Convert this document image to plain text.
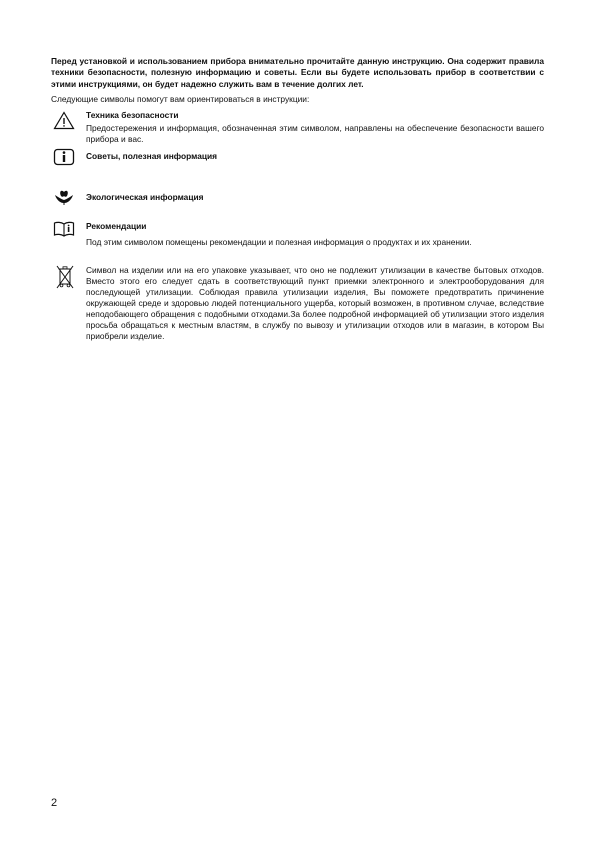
Перед установкой и использованием прибора внимательно прочитайте данную инструкцию. Она содержит правила техники безопасности, полезную информацию и советы. Если вы будете использовать прибор в соответствии с этими инструкциями, он будет надежно служить вам в течение долгих лет.
Следующие символы помогут вам ориентироваться в инструкции:
Техника безопасности
Предостережения и информация, обозначенная этим символом, направлены на обеспечение безопасности вашего прибора и вас.
Советы, полезная информация
Экологическая информация
Рекомендации
Под этим символом помещены рекомендации и полезная информация о продуктах и их хранении.
Символ на изделии или на его упаковке указывает, что оно не подлежит утилизации в качестве бытовых отходов. Вместо этого его следует сдать в соответствующий пункт приемки электронного и электрооборудования для последующей утилизации. Соблюдая правила утилизации изделия, Вы поможете предотвратить причинение окружающей среде и здоровью людей потенциального ущерба, который возможен, в противном случае, вследствие неподобающего обращения с подобными отходами.За более подробной информацией об утилизации этого изделия просьба обращаться к местным властям, в службу по вывозу и утилизации отходов или в магазин, в котором Вы приобрели изделие.
2
